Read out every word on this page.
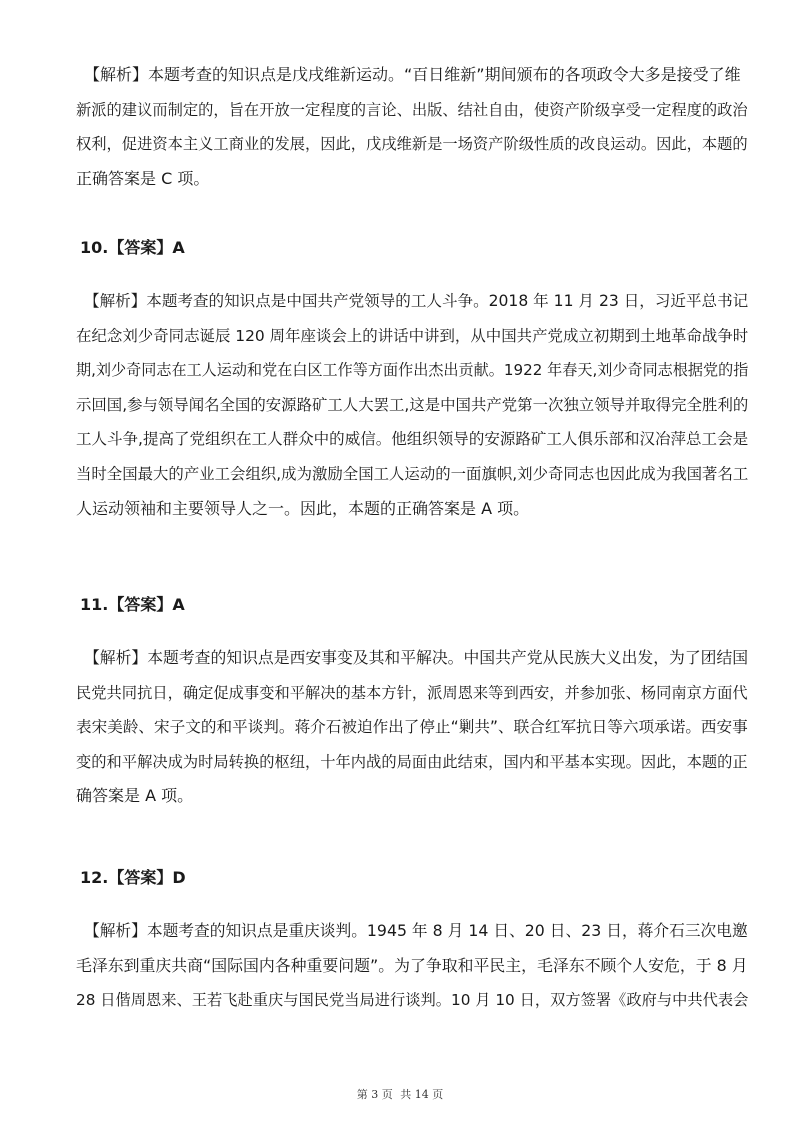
【解析】本题考查的知识点是戊戌维新运动。“百日维新”期间颁布的各项政令大多是接受了维
新派的建议而制定的，旨在开放一定程度的言论、出版、结社自由，使资产阶级享受一定程度的政治
权利，促进资本主义工商业的发展，因此，戊戌维新是一场资产阶级性质的改良运动。因此，本题的
正确答案是 C 项。
10.【答案】A
【解析】本题考查的知识点是中国共产党领导的工人斗争。2018 年 11 月 23 日，习近平总书记
在纪念刘少奇同志诞辰 120 周年座谈会上的讲话中讲到，从中国共产党成立初期到土地革命战争时
期,刘少奇同志在工人运动和党在白区工作等方面作出杰出贡献。1922 年春天,刘少奇同志根据党的指
示回国,参与领导闻名全国的安源路矿工人大罢工,这是中国共产党第一次独立领导并取得完全胜利的
工人斗争,提高了党组织在工人群众中的威信。他组织领导的安源路矿工人俱乐部和汉冶萍总工会是
当时全国最大的产业工会组织,成为激励全国工人运动的一面旗帜,刘少奇同志也因此成为我国著名工
人运动领袖和主要领导人之一。因此，本题的正确答案是 A 项。
11.【答案】A
【解析】本题考查的知识点是西安事变及其和平解决。中国共产党从民族大义出发，为了团结国
民党共同抗日，确定促成事变和平解决的基本方针，派周恩来等到西安，并参加张、杨同南京方面代
表宋美龄、宋子文的和平谈判。蒋介石被迫作出了停止“剿共”、联合红军抗日等六项承诺。西安事
变的和平解决成为时局转换的枢纽，十年内战的局面由此结束，国内和平基本实现。因此，本题的正
确答案是 A 项。
12.【答案】D
【解析】本题考查的知识点是重庆谈判。1945 年 8 月 14 日、20 日、23 日，蒋介石三次电邀
毛泽东到重庆共商“国际国内各种重要问题”。为了争取和平民主，毛泽东不顾个人安危，于 8 月
28 日偕周恩来、王若飞赴重庆与国民党当局进行谈判。10 月 10 日，双方签署《政府与中共代表会
第 3 页 共 14 页
